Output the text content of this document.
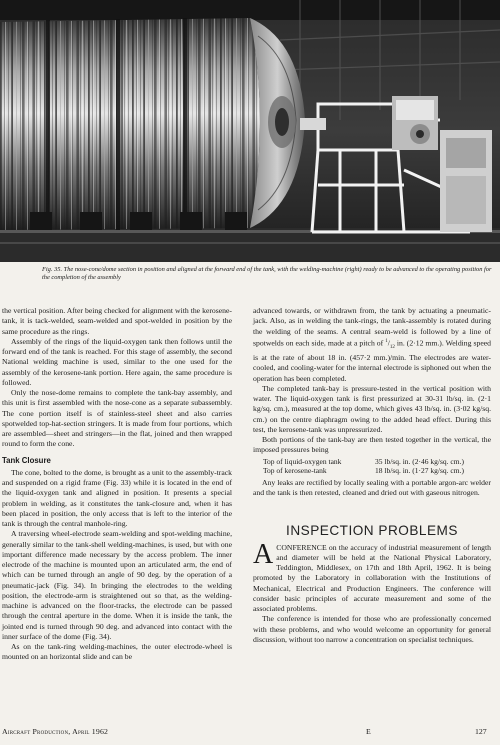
Fig. 35. The nose-cone/dome section in position and aligned at the forward end of the tank, with the welding-machine (right) ready to be advanced to the operating position for the completion of the assembly

the vertical position. After being checked for alignment with the kerosene-tank, it is tack-welded, seam-welded and spot-welded in position by the same procedure as the rings.

Assembly of the rings of the liquid-oxygen tank then follows until the forward end of the tank is reached. For this stage of assembly, the second National welding machine is used, similar to the one used for the assembly of the kerosene-tank portion. Here again, the same procedure is followed.

Only the nose-dome remains to complete the tank-bay assembly, and this unit is first assembled with the nose-cone as a separate subassembly. The cone portion itself is of stainless-steel sheet and also carries spotwelded top-hat-section stringers. It is made from four portions, which are assembled—sheet and stringers—in the flat, joined and then wrapped round to form the cone.

Tank Closure

The cone, bolted to the dome, is brought as a unit to the assembly-track and suspended on a rigid frame (Fig. 33) while it is located in the end of the liquid-oxygen tank and aligned in position. It presents a special problem in welding, as it constitutes the tank-closure and, when it has been placed in position, the only access that is left to the interior of the tank is through the central manhole-ring.

A traversing wheel-electrode seam-welding and spot-welding machine, generally similar to the tank-shell welding-machines, is used, but with one important difference made necessary by the access problem. The inner electrode of the machine is mounted upon an articulated arm, the end of which can be turned through an angle of 90 deg. by the operation of a pneumatic-jack (Fig. 34). In bringing the electrodes to the welding position, the electrode-arm is straightened out so that, as the welding-machine is advanced on the floor-tracks, the electrode can be passed through the central aperture in the dome. When it is inside the tank, the jointed end is turned through 90 deg. and advanced into contact with the inner surface of the dome (Fig. 34).

As on the tank-ring welding-machines, the outer electrode-wheel is mounted on an horizontal slide and can be

advanced towards, or withdrawn from, the tank by actuating a pneumatic-jack. Also, as in welding the tank-rings, the tank-assembly is rotated during the welding of the seams. A central seam-weld is followed by a line of spotwelds on each side, made at a pitch of $^1/_{12}$ in. (2·12 mm.). Welding speed is at the rate of about 18 in. (457·2 mm.)/min. The electrodes are water-cooled, and cooling-water for the internal electrode is siphoned out when the operation has been completed.

The completed tank-bay is pressure-tested in the vertical position with water. The liquid-oxygen tank is first pressurized at 30-31 lb/sq. in. (2·1 kg/sq. cm.), measured at the top dome, which gives 43 lb/sq. in. (3·02 kg/sq. cm.) on the centre diaphragm owing to the added head effect. During this test, the kerosene-tank was unpressurized.

Both portions of the tank-bay are then tested together in the vertical, the imposed pressures being

Top of liquid-oxygen tank	35 lb/sq. in. (2·46 kg/sq. cm.)
Top of kerosene-tank	18 lb/sq. in. (1·27 kg/sq. cm.)

Any leaks are rectified by locally sealing with a portable argon-arc welder and the tank is then retested, cleaned and dried out with gaseous nitrogen.

INSPECTION PROBLEMS

A CONFERENCE on the accuracy of industrial measurement of length and diameter will be held at the National Physical Laboratory, Teddington, Middlesex, on 17th and 18th April, 1962. It is being promoted by the Laboratory in collaboration with the Institutions of Mechanical, Electrical and Production Engineers. The conference will consider basic principles of accurate measurement and some of the associated problems.

The conference is intended for those who are professionally concerned with these problems, and who would welcome an opportunity for general discussion, without too narrow a concentration on specialist techniques.

Aircraft Production, April 1962	E	127
